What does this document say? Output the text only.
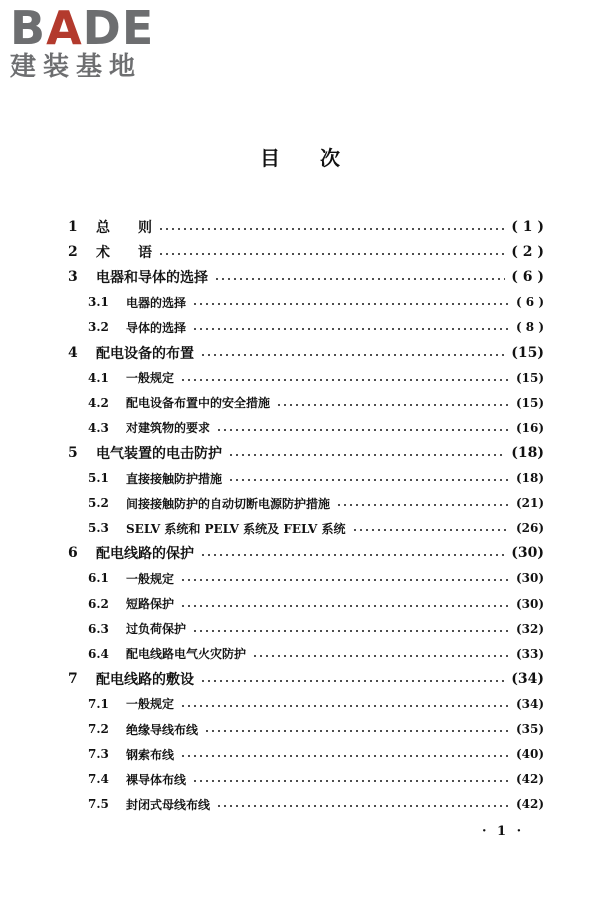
BADE
建装基地
目次
1	总　　则	( 1 )
2	术　　语	( 2 )
3	电器和导体的选择	( 6 )
3.1	电器的选择	( 6 )
3.2	导体的选择	( 8 )
4	配电设备的布置	(15)
4.1	一般规定	(15)
4.2	配电设备布置中的安全措施	(15)
4.3	对建筑物的要求	(16)
5	电气装置的电击防护	(18)
5.1	直接接触防护措施	(18)
5.2	间接接触防护的自动切断电源防护措施	(21)
5.3	SELV 系统和 PELV 系统及 FELV 系统	(26)
6	配电线路的保护	(30)
6.1	一般规定	(30)
6.2	短路保护	(30)
6.3	过负荷保护	(32)
6.4	配电线路电气火灾防护	(33)
7	配电线路的敷设	(34)
7.1	一般规定	(34)
7.2	绝缘导线布线	(35)
7.3	钢索布线	(40)
7.4	裸导体布线	(42)
7.5	封闭式母线布线	(42)
· 1 ·
